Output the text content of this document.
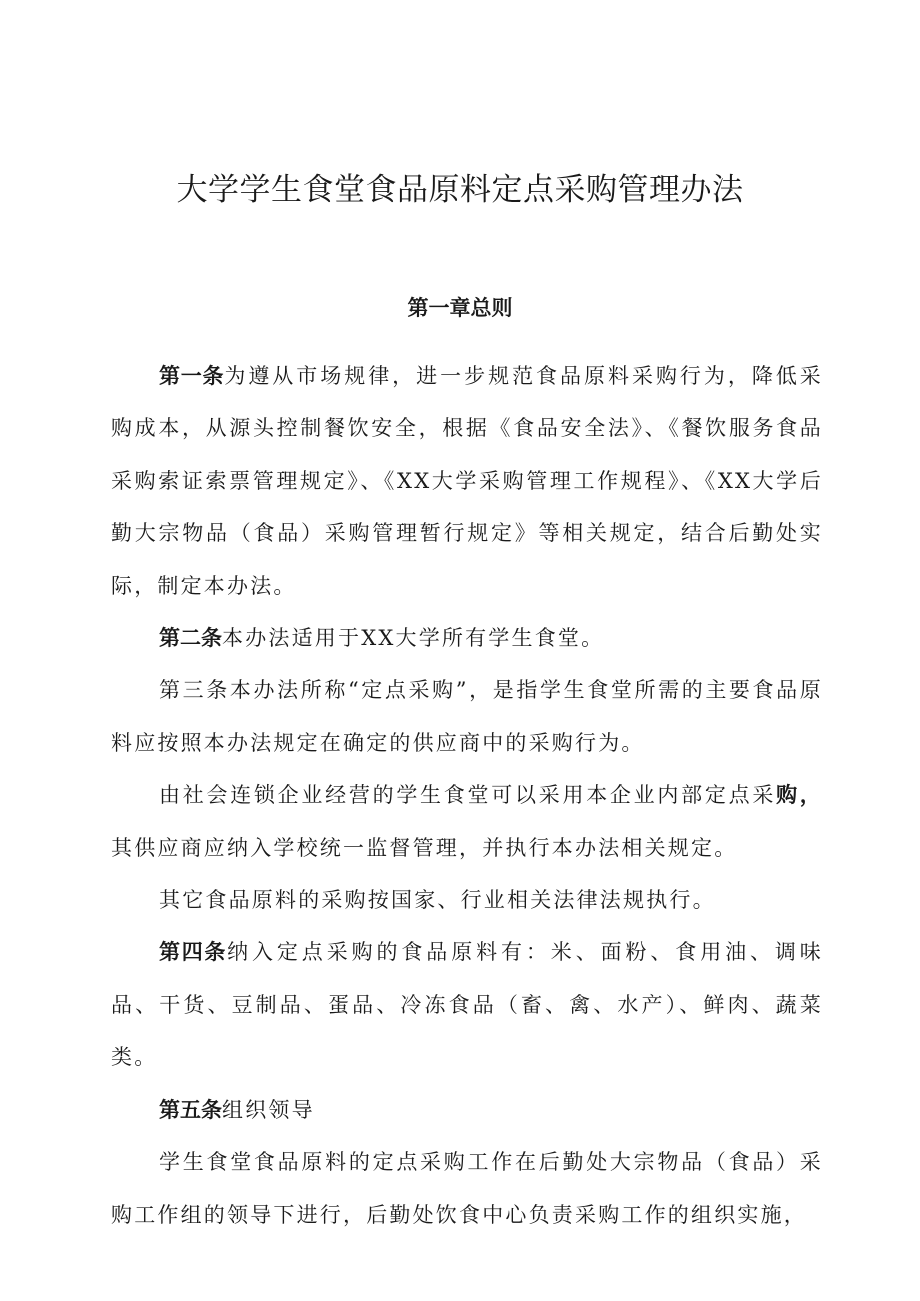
大学学生食堂食品原料定点采购管理办法
第一章总则

第一条为遵从市场规律，进一步规范食品原料采购行为，降低采购成本，从源头控制餐饮安全，根据《食品安全法》、《餐饮服务食品采购索证索票管理规定》、《XX大学采购管理工作规程》、《XX大学后勤大宗物品（食品）采购管理暂行规定》等相关规定，结合后勤处实际，制定本办法。

第二条本办法适用于XX大学所有学生食堂。

第三条本办法所称“定点采购”，是指学生食堂所需的主要食品原料应按照本办法规定在确定的供应商中的采购行为。

由社会连锁企业经营的学生食堂可以采用本企业内部定点采购，其供应商应纳入学校统一监督管理，并执行本办法相关规定。

其它食品原料的采购按国家、行业相关法律法规执行。

第四条纳入定点采购的食品原料有：米、面粉、食用油、调味品、干货、豆制品、蛋品、冷冻食品（畜、禽、水产）、鲜肉、蔬菜类。

第五条组织领导

学生食堂食品原料的定点采购工作在后勤处大宗物品（食品）采购工作组的领导下进行，后勤处饮食中心负责采购工作的组织实施，
